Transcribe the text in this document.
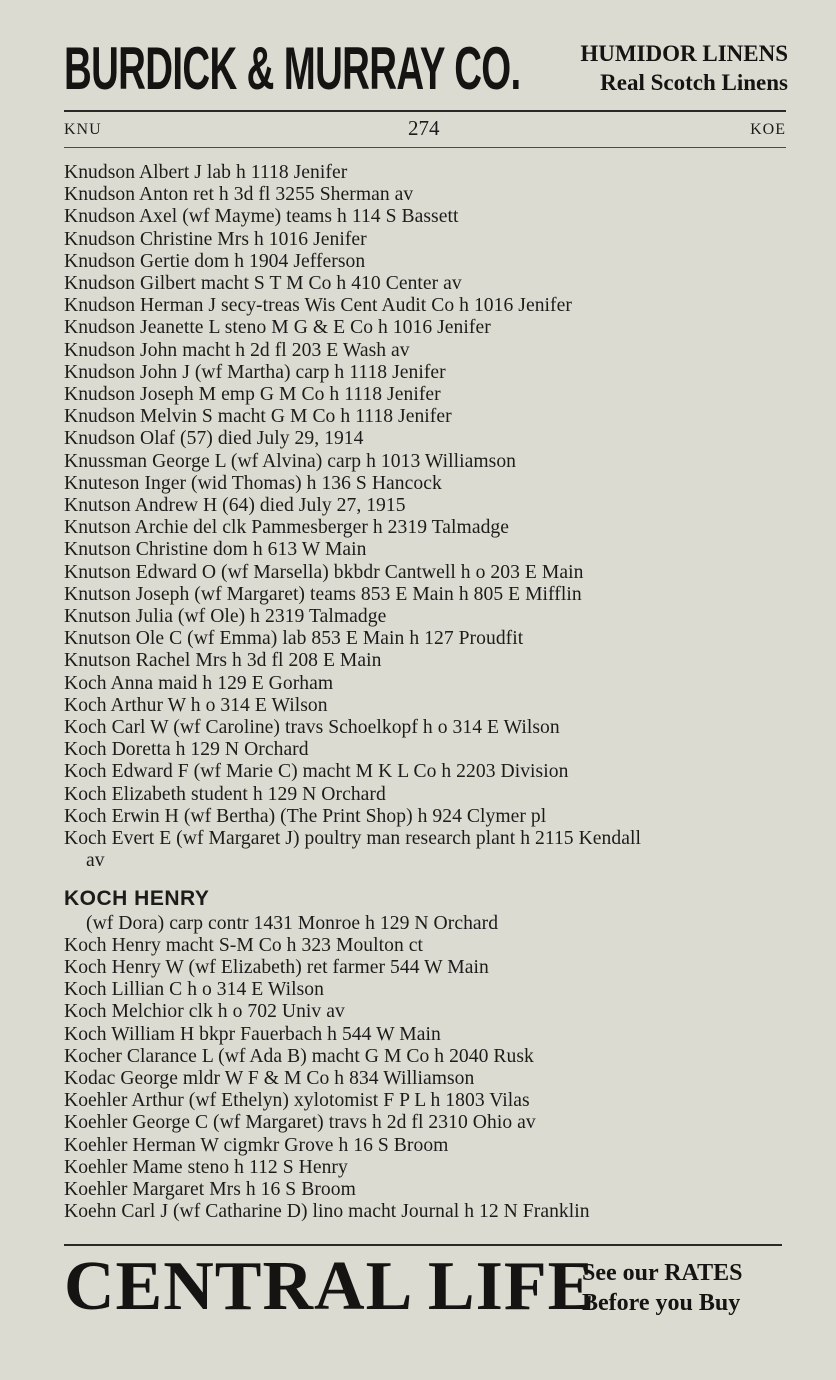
BURDICK & MURRAY CO.	HUMIDOR LINENS
Real Scotch Linens
KNU	274	KOE
Knudson Albert J lab h 1118 Jenifer
Knudson Anton ret h 3d fl 3255 Sherman av
Knudson Axel (wf Mayme) teams h 114 S Bassett
Knudson Christine Mrs h 1016 Jenifer
Knudson Gertie dom h 1904 Jefferson
Knudson Gilbert macht S T M Co h 410 Center av
Knudson Herman J secy-treas Wis Cent Audit Co h 1016 Jenifer
Knudson Jeanette L steno M G & E Co h 1016 Jenifer
Knudson John macht h 2d fl 203 E Wash av
Knudson John J (wf Martha) carp h 1118 Jenifer
Knudson Joseph M emp G M Co h 1118 Jenifer
Knudson Melvin S macht G M Co h 1118 Jenifer
Knudson Olaf (57) died July 29, 1914
Knussman George L (wf Alvina) carp h 1013 Williamson
Knuteson Inger (wid Thomas) h 136 S Hancock
Knutson Andrew H (64) died July 27, 1915
Knutson Archie del clk Pammesberger h 2319 Talmadge
Knutson Christine dom h 613 W Main
Knutson Edward O (wf Marsella) bkbdr Cantwell h o 203 E Main
Knutson Joseph (wf Margaret) teams 853 E Main h 805 E Mifflin
Knutson Julia (wf Ole) h 2319 Talmadge
Knutson Ole C (wf Emma) lab 853 E Main h 127 Proudfit
Knutson Rachel Mrs h 3d fl 208 E Main
Koch Anna maid h 129 E Gorham
Koch Arthur W h o 314 E Wilson
Koch Carl W (wf Caroline) travs Schoelkopf h o 314 E Wilson
Koch Doretta h 129 N Orchard
Koch Edward F (wf Marie C) macht M K L Co h 2203 Division
Koch Elizabeth student h 129 N Orchard
Koch Erwin H (wf Bertha) (The Print Shop) h 924 Clymer pl
Koch Evert E (wf Margaret J) poultry man research plant h 2115 Kendall
av
KOCH HENRY
(wf Dora) carp contr 1431 Monroe h 129 N Orchard
Koch Henry macht S-M Co h 323 Moulton ct
Koch Henry W (wf Elizabeth) ret farmer 544 W Main
Koch Lillian C h o 314 E Wilson
Koch Melchior clk h o 702 Univ av
Koch William H bkpr Fauerbach h 544 W Main
Kocher Clarance L (wf Ada B) macht G M Co h 2040 Rusk
Kodac George mldr W F & M Co h 834 Williamson
Koehler Arthur (wf Ethelyn) xylotomist F P L h 1803 Vilas
Koehler George C (wf Margaret) travs h 2d fl 2310 Ohio av
Koehler Herman W cigmkr Grove h 16 S Broom
Koehler Mame steno h 112 S Henry
Koehler Margaret Mrs h 16 S Broom
Koehn Carl J (wf Catharine D) lino macht Journal h 12 N Franklin
CENTRAL LIFE
See our RATES
Before you Buy
